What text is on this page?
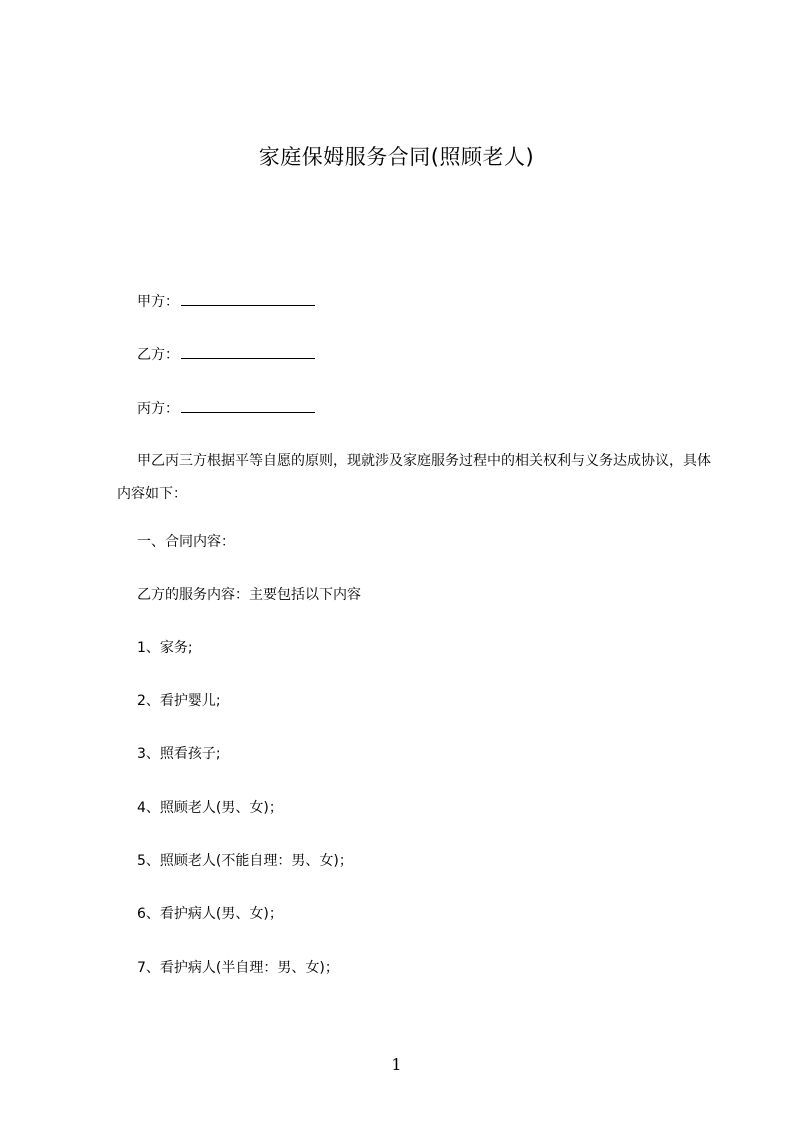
家庭保姆服务合同(照顾老人)
甲方：
乙方：
丙方：
甲乙丙三方根据平等自愿的原则，现就涉及家庭服务过程中的相关权利与义务达成协议，具体内容如下：
一、合同内容：
乙方的服务内容：主要包括以下内容
1、家务;
2、看护婴儿;
3、照看孩子;
4、照顾老人(男、女)；
5、照顾老人(不能自理：男、女)；
6、看护病人(男、女)；
7、看护病人(半自理：男、女)；
1
